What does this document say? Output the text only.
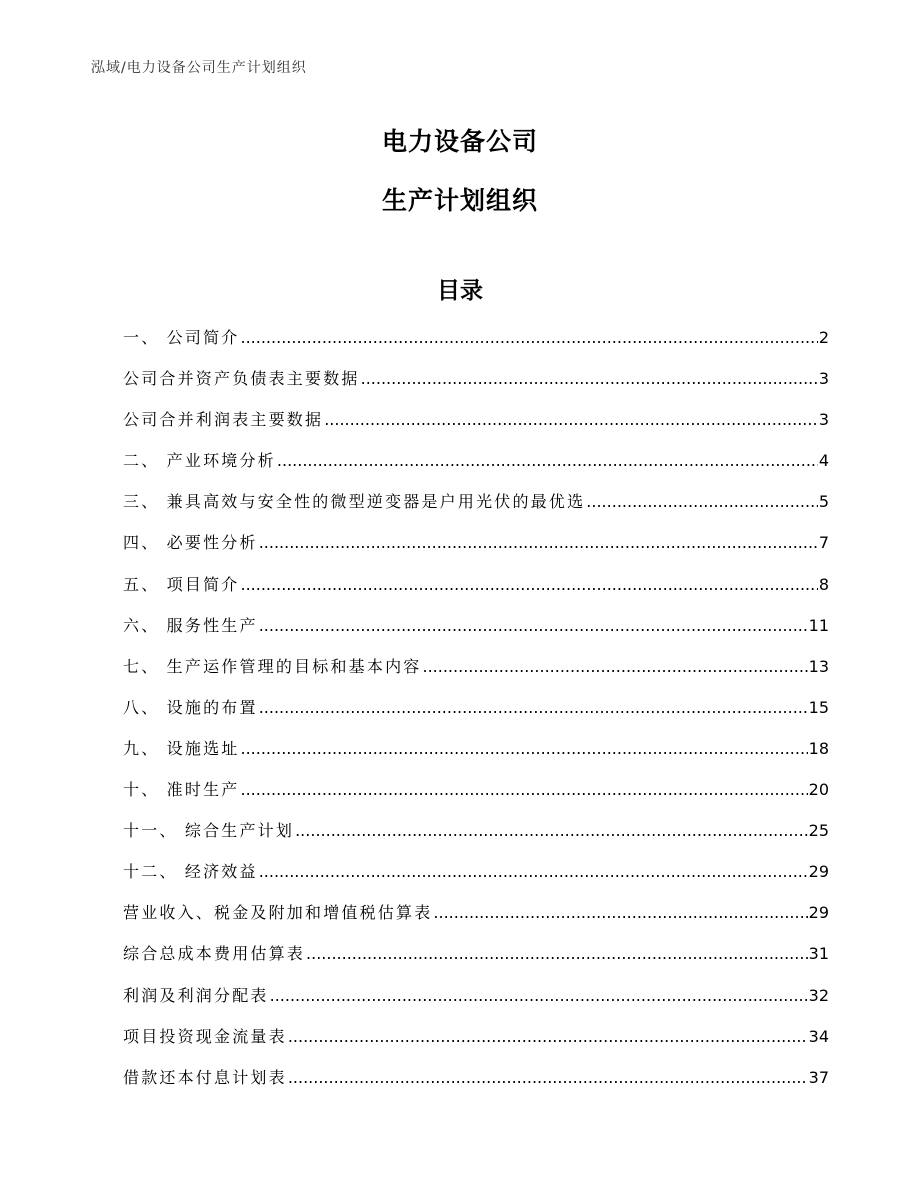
泓域/电力设备公司生产计划组织
电力设备公司
生产计划组织
目录
一、 公司简介 .....	2
公司合并资产负债表主要数据 .....	3
公司合并利润表主要数据 .....	3
二、 产业环境分析 .....	4
三、 兼具高效与安全性的微型逆变器是户用光伏的最优选 .....	5
四、 必要性分析 .....	7
五、 项目简介 .....	8
六、 服务性生产 .....	11
七、 生产运作管理的目标和基本内容 .....	13
八、 设施的布置 .....	15
九、 设施选址 .....	18
十、 准时生产 .....	20
十一、 综合生产计划 .....	25
十二、 经济效益 .....	29
营业收入、税金及附加和增值税估算表 .....	29
综合总成本费用估算表 .....	31
利润及利润分配表 .....	32
项目投资现金流量表 .....	34
借款还本付息计划表 .....	37
